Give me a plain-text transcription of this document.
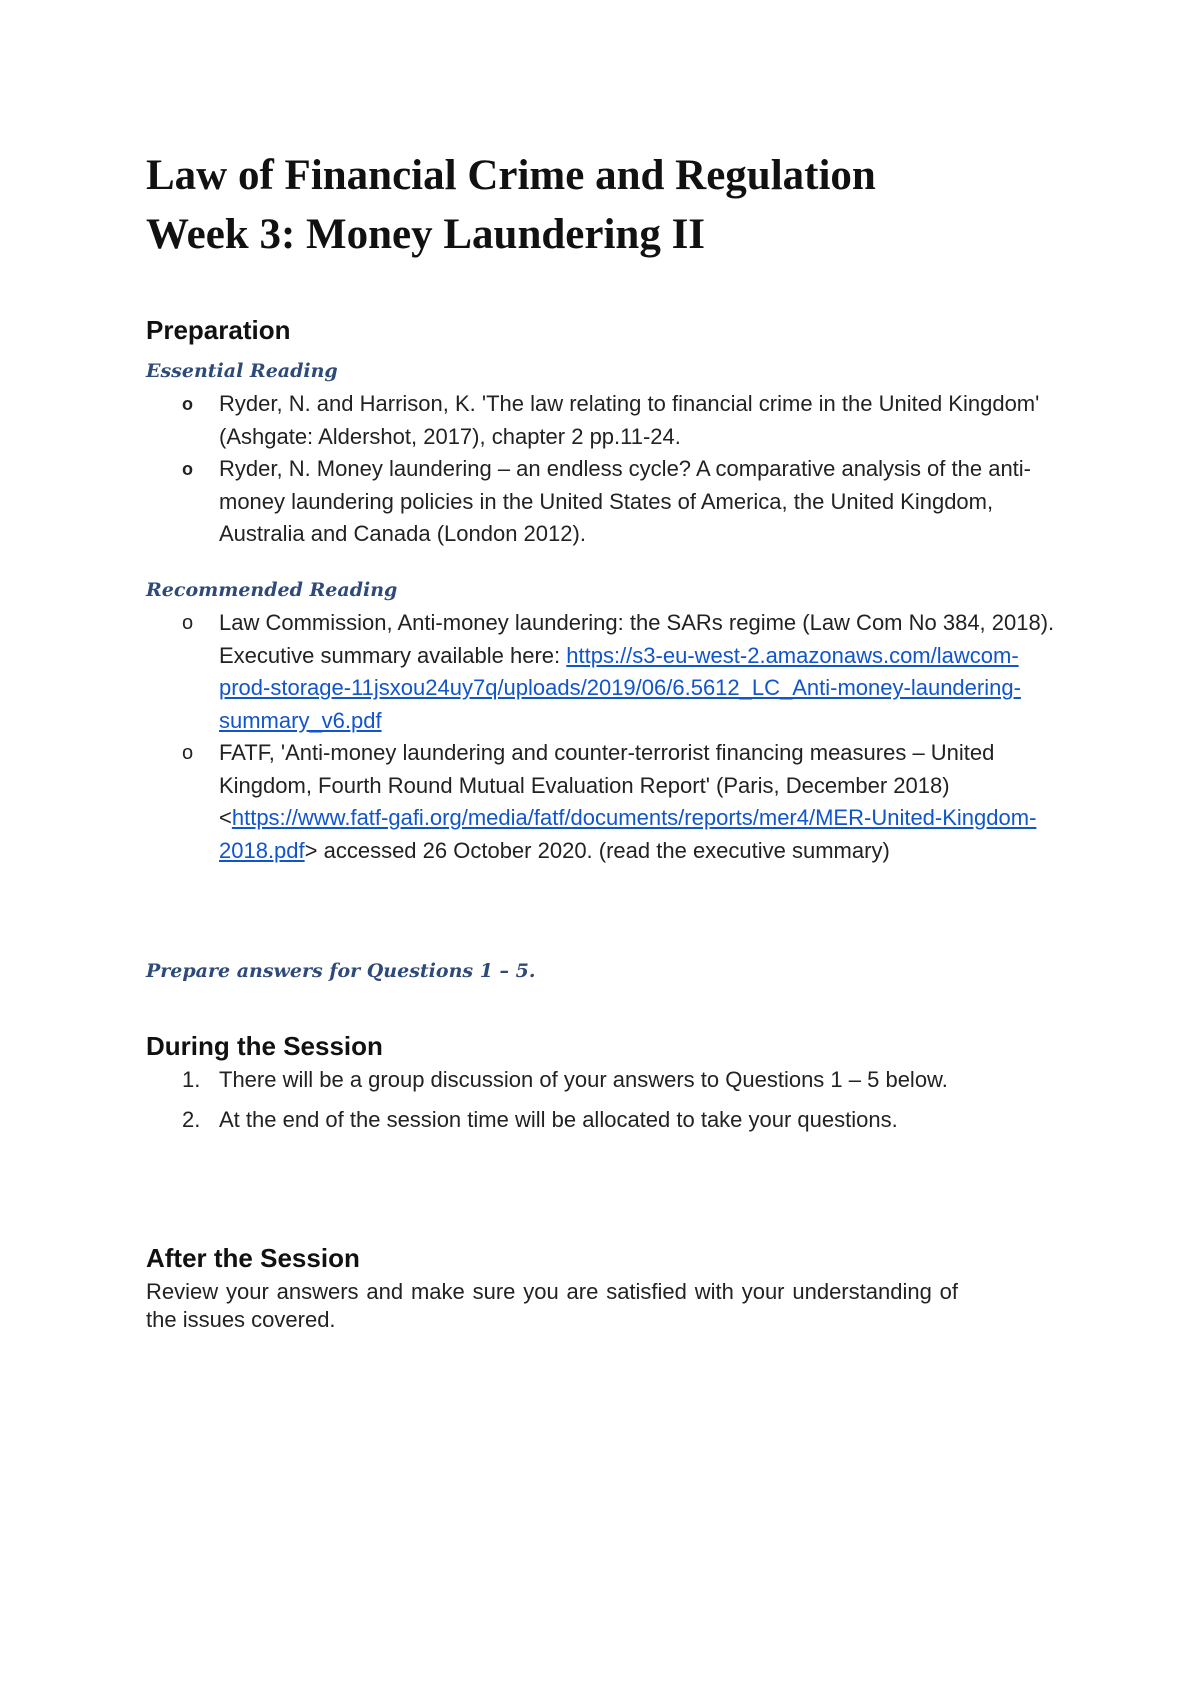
Law of Financial Crime and Regulation
Week 3: Money Laundering II
Preparation
Essential Reading
o Ryder, N. and Harrison, K. 'The law relating to financial crime in the United Kingdom' (Ashgate: Aldershot, 2017), chapter 2 pp.11-24.
o Ryder, N. Money laundering – an endless cycle? A comparative analysis of the anti-money laundering policies in the United States of America, the United Kingdom, Australia and Canada (London 2012).
Recommended Reading
o Law Commission, Anti-money laundering: the SARs regime (Law Com No 384, 2018). Executive summary available here: https://s3-eu-west-2.amazonaws.com/lawcom-prod-storage-11jsxou24uy7q/uploads/2019/06/6.5612_LC_Anti-money-laundering-summary_v6.pdf
o FATF, 'Anti-money laundering and counter-terrorist financing measures – United Kingdom, Fourth Round Mutual Evaluation Report' (Paris, December 2018) <https://www.fatf-gafi.org/media/fatf/documents/reports/mer4/MER-United-Kingdom-2018.pdf> accessed 26 October 2020. (read the executive summary)
Prepare answers for Questions 1 – 5.
During the Session
1. There will be a group discussion of your answers to Questions 1 – 5 below.
2. At the end of the session time will be allocated to take your questions.
After the Session

Review your answers and make sure you are satisfied with your understanding of the issues covered.
